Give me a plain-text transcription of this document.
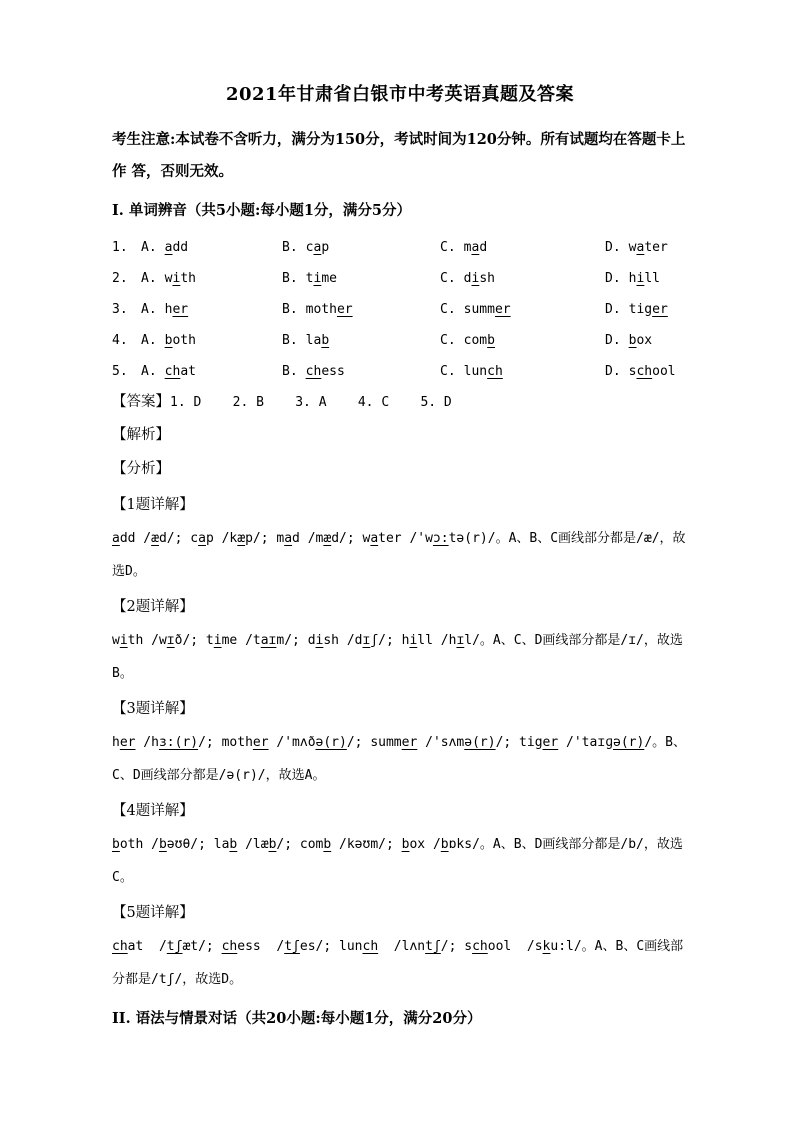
2021年甘肃省白银市中考英语真题及答案

考生注意:本试卷不含听力，满分为150分，考试时间为120分钟。所有试题均在答题卡上
作 答，否则无效。

I. 单词辨音（共5小题:每小题1分，满分5分）
1. A. add	B. cap	C. mad	D. water
2. A. with	B. time	C. dish	D. hill
3. A. her	B. mother	C. summer	D. tiger
4. A. both	B. lab	C. comb	D. box
5. A. chat	B. chess	C. lunch	D. school

【答案】1. D    2. B    3. A    4. C    5. D

【解析】

【分析】

【1题详解】

add /æd/; cap /kæp/; mad /mæd/; water /'wɔ:tə(r)/。A、B、C画线部分都是/æ/，故选D。

【2题详解】

with /wɪð/; time /taɪm/; dish /dɪʃ/; hill /hɪl/。A、C、D画线部分都是/ɪ/，故选B。

【3题详解】

her /hɜ:(r)/; mother /'mʌðə(r)/; summer /'sʌmə(r)/; tiger /'taɪɡə(r)/。B、C、D画线部分都是/ə(r)/，故选A。

【4题详解】

both /bəʊθ/; lab /læb/; comb /kəʊm/; box /bɒks/。A、B、D画线部分都是/b/，故选C。

【5题详解】

chat  /tʃæt/; chess  /tʃes/; lunch  /lʌntʃ/; school  /sku:l/。A、B、C画线部分都是/tʃ/，故选D。

II. 语法与情景对话（共20小题:每小题1分，满分20分）
